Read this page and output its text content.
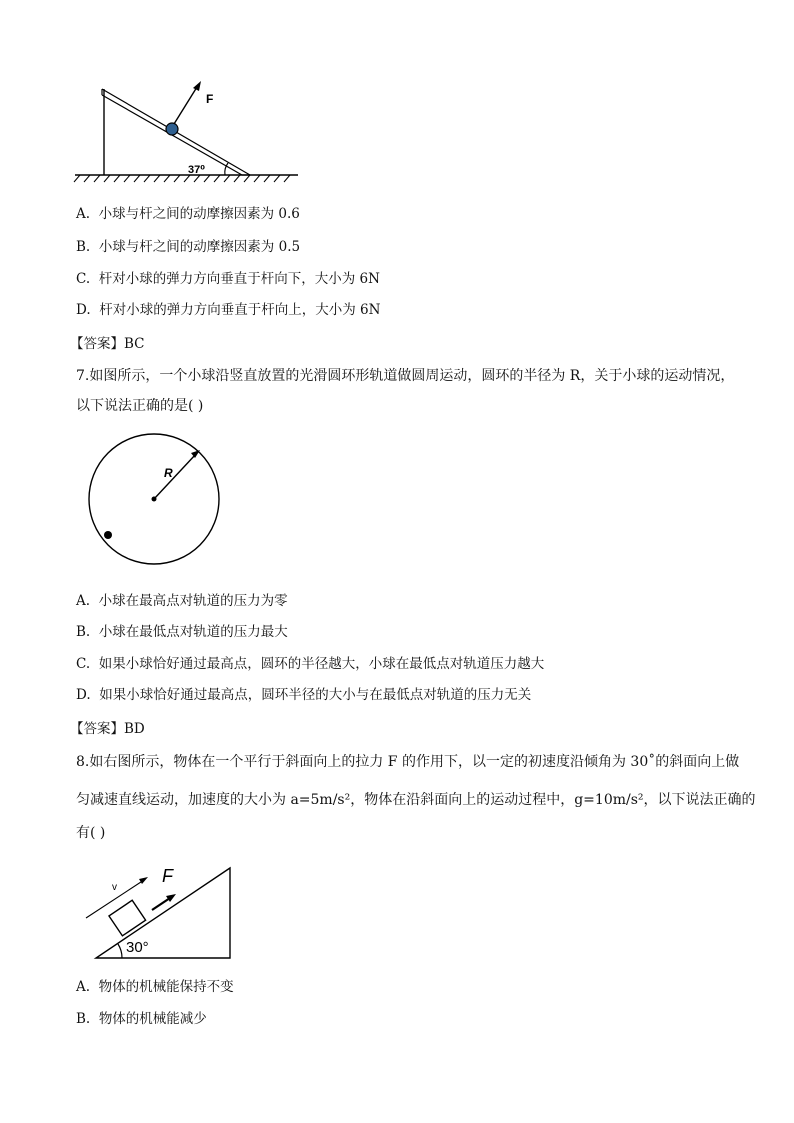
F
37⁰
A. 小球与杆之间的动摩擦因素为 0.6
B. 小球与杆之间的动摩擦因素为 0.5
C. 杆对小球的弹力方向垂直于杆向下，大小为 6N
D. 杆对小球的弹力方向垂直于杆向上，大小为 6N
【答案】BC
7.如图所示，一个小球沿竖直放置的光滑圆环形轨道做圆周运动，圆环的半径为 R，关于小球的运动情况，
以下说法正确的是( )
R
A. 小球在最高点对轨道的压力为零
B. 小球在最低点对轨道的压力最大
C. 如果小球恰好通过最高点，圆环的半径越大，小球在最低点对轨道压力越大
D. 如果小球恰好通过最高点，圆环半径的大小与在最低点对轨道的压力无关
【答案】BD
8.如右图所示，物体在一个平行于斜面向上的拉力 F 的作用下，以一定的初速度沿倾角为 30˚的斜面向上做
匀减速直线运动，加速度的大小为 a=5m/s²，物体在沿斜面向上的运动过程中，g=10m/s²，以下说法正确的
有( )
v
F
30°
A. 物体的机械能保持不变
B. 物体的机械能减少
